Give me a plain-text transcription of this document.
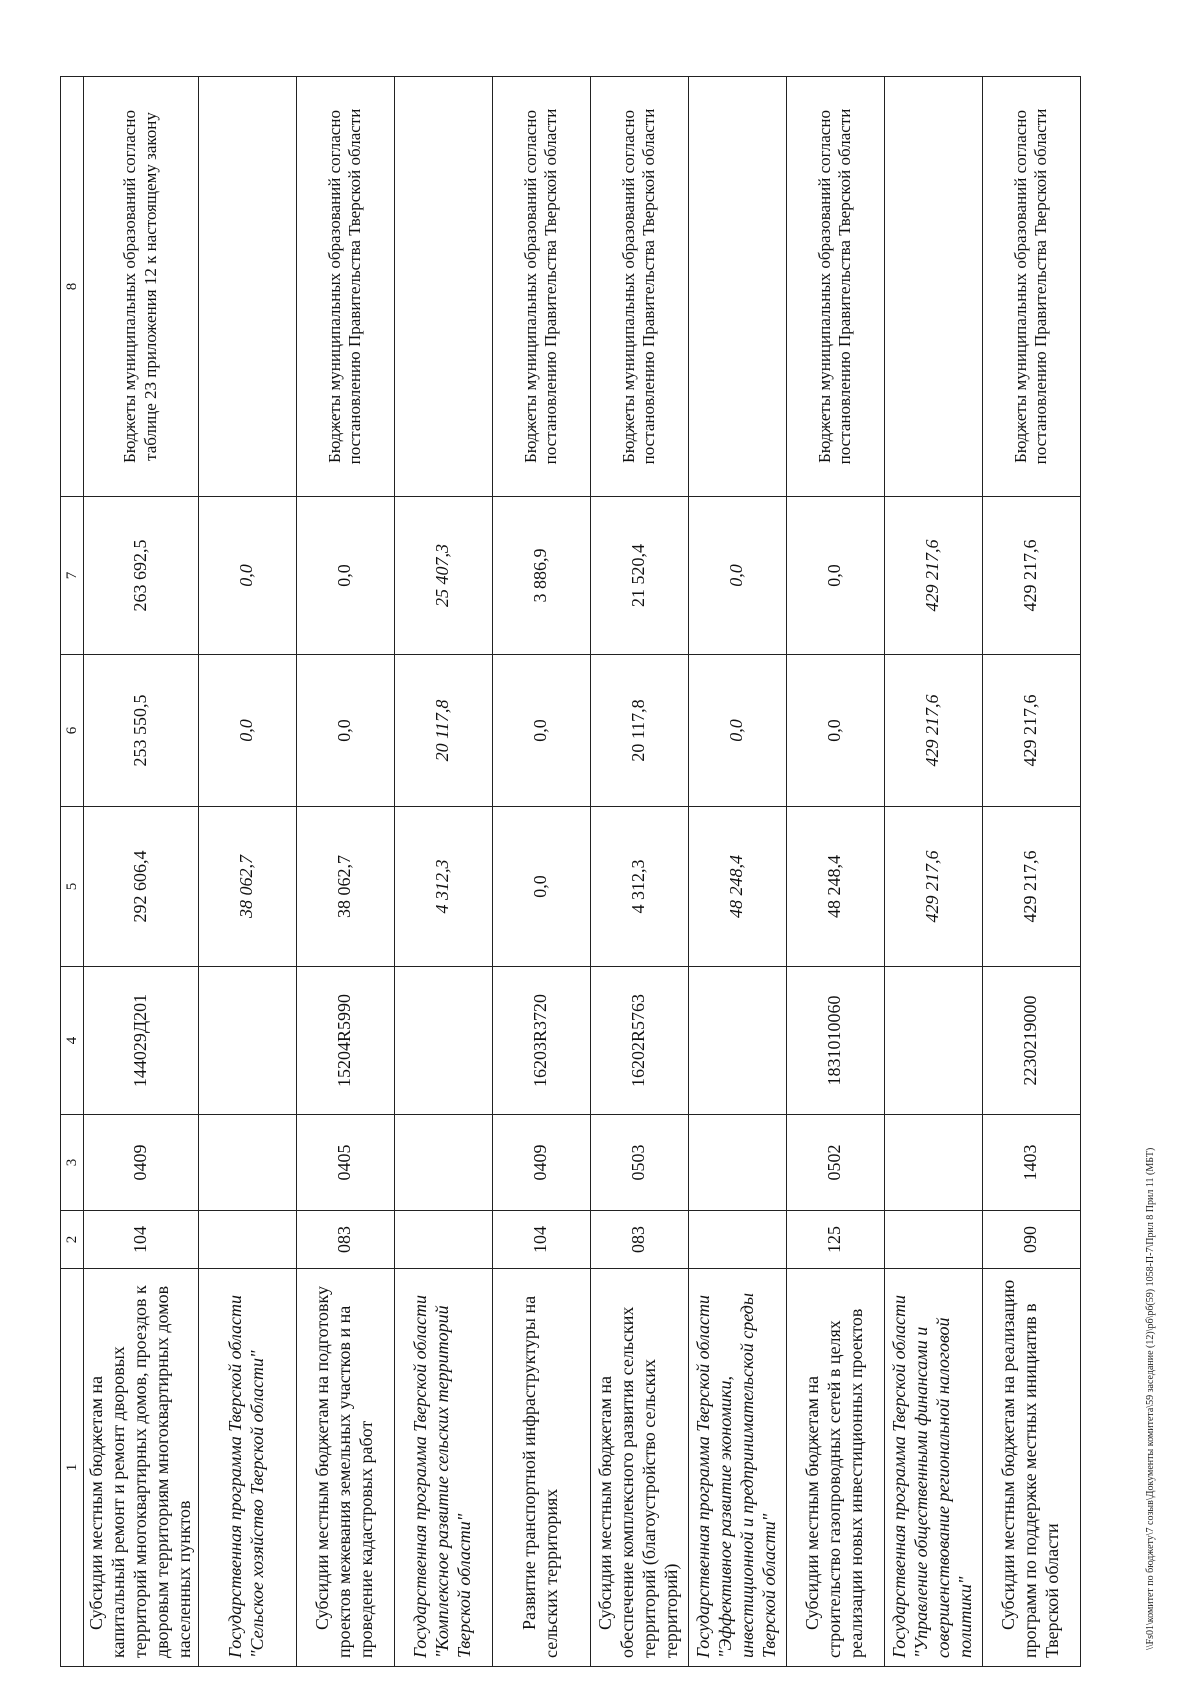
1	2	3	4	5	6	7	8
Субсидии местным бюджетам на капитальный ремонт и ремонт дворовых территорий многоквартирных домов, проездов к дворовым территориям многоквартирных домов населенных пунктов	104	0409	144029Д201	292 606,4	253 550,5	263 692,5	Бюджеты муниципальных образований согласно таблице 23 приложения 12 к настоящему закону
Государственная программа Тверской области "Сельское хозяйство Тверской области"				38 062,7	0,0	0,0	
Субсидии местным бюджетам на подготовку проектов межевания земельных участков и на проведение кадастровых работ	083	0405	15204R5990	38 062,7	0,0	0,0	Бюджеты муниципальных образований согласно постановлению Правительства Тверской области
Государственная программа Тверской области "Комплексное развитие сельских территорий Тверской области"				4 312,3	20 117,8	25 407,3	
Развитие транспортной инфраструктуры на сельских территориях	104	0409	16203R3720	0,0	0,0	3 886,9	Бюджеты муниципальных образований согласно постановлению Правительства Тверской области
Субсидии местным бюджетам на обеспечение комплексного развития сельских территорий (благоустройство сельских территорий)	083	0503	16202R5763	4 312,3	20 117,8	21 520,4	Бюджеты муниципальных образований согласно постановлению Правительства Тверской области
Государственная программа Тверской области "Эффективное развитие экономики, инвестиционной и предпринимательской среды Тверской области"				48 248,4	0,0	0,0	
Субсидии местным бюджетам на строительство газопроводных сетей в целях реализации новых инвестиционных проектов	125	0502	1831010060	48 248,4	0,0	0,0	Бюджеты муниципальных образований согласно постановлению Правительства Тверской области
Государственная программа Тверской области "Управление общественными финансами и совершенствование региональной налоговой политики"				429 217,6	429 217,6	429 217,6	
Субсидии местным бюджетам на реализацию программ по поддержке местных инициатив в Тверской области	090	1403	2230219000	429 217,6	429 217,6	429 217,6	Бюджеты муниципальных образований согласно постановлению Правительства Тверской области
\\Fs01\комитет по бюджету\7 созыв\Документы комитета\59 заседание (12)\рб\рб(59) 1058-П-7\Прил 8 Прил 11 (МБТ)
